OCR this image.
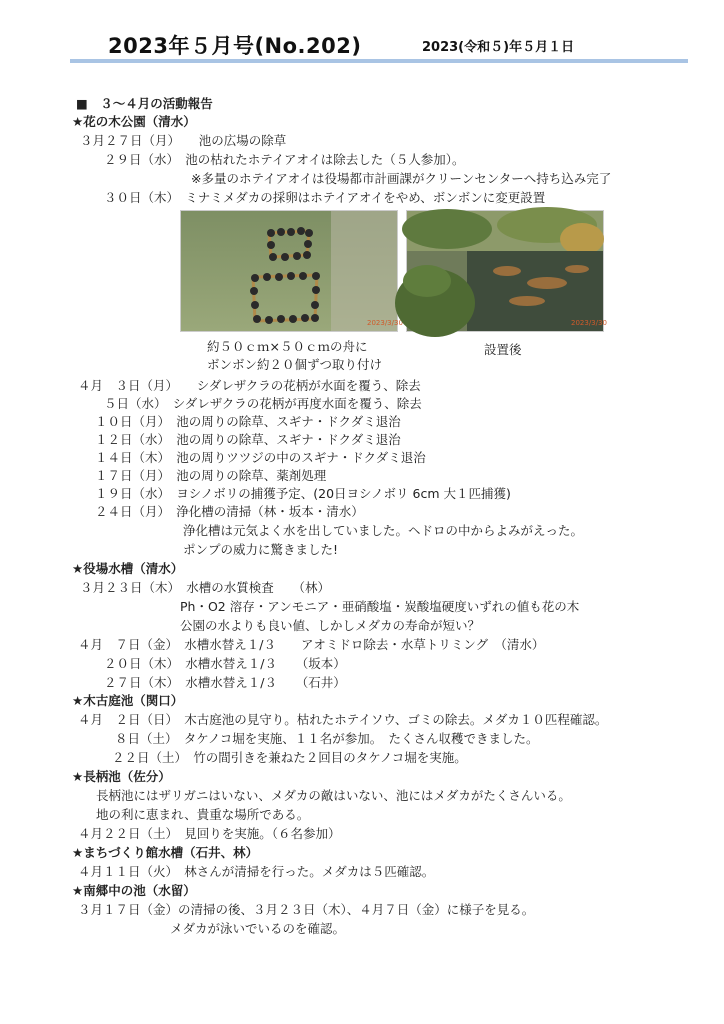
2023年５月号(No.202)	2023(令和５)年５月１日
■　３～４月の活動報告
★花の木公園（清水）
３月２７日（月）　　池の広場の除草
２９日（水）　池の枯れたホテイアオイは除去した（５人参加）。
※多量のホテイアオイは役場都市計画課がクリーンセンターへ持ち込み完了
３０日（木）　ミナミメダカの採卵はホテイアオイをやめ、ボンボンに変更設置
2023/3/30	2023/3/30
約５０ｃｍ×５０ｃｍの舟に
ボンボン約２０個ずつ取り付け
設置後
４月　３日（月）　　シダレザクラの花柄が水面を覆う、除去
５日（水）　シダレザクラの花柄が再度水面を覆う、除去
１０日（月）　池の周りの除草、スギナ・ドクダミ退治
１２日（水）　池の周りの除草、スギナ・ドクダミ退治
１４日（木）　池の周りツツジの中のスギナ・ドクダミ退治
１７日（月）　池の周りの除草、薬剤処理
１９日（水）　ヨシノボリの捕獲予定、(20日ヨシノボリ 6cm 大１匹捕獲)
２４日（月）　浄化槽の清掃（林・坂本・清水）
浄化槽は元気よく水を出していました。ヘドロの中からよみがえった。
ポンプの威力に驚きました!
★役場水槽（清水）
３月２３日（木）　水槽の水質検査　　（林）
Ph・O2 溶存・アンモニア・亜硝酸塩・炭酸塩硬度いずれの値も花の木
公園の水よりも良い値、しかしメダカの寿命が短い？
４月　７日（金）　水槽水替え１/３　　アオミドロ除去・水草トリミング　（清水）
２０日（木）　水槽水替え１/３　　（坂本）
２７日（木）　水槽水替え１/３　　（石井）
★木古庭池（関口）
４月　２日（日）　木古庭池の見守り。枯れたホテイソウ、ゴミの除去。メダカ１０匹程確認。
８日（土）　タケノコ堀を実施、１１名が参加。　たくさん収穫できました。
２２日（土）　竹の間引きを兼ねた２回目のタケノコ堀を実施。
★長柄池（佐分）
長柄池にはザリガニはいない、メダカの敵はいない、池にはメダカがたくさんいる。
地の利に恵まれ、貴重な場所である。
４月２２日（土）　見回りを実施。（６名参加）
★まちづくり館水槽（石井、林）
４月１１日（火）　林さんが清掃を行った。メダカは５匹確認。
★南郷中の池（水留）
３月１７日（金）の清掃の後、３月２３日（木）、４月７日（金）に様子を見る。
メダカが泳いでいるのを確認。
